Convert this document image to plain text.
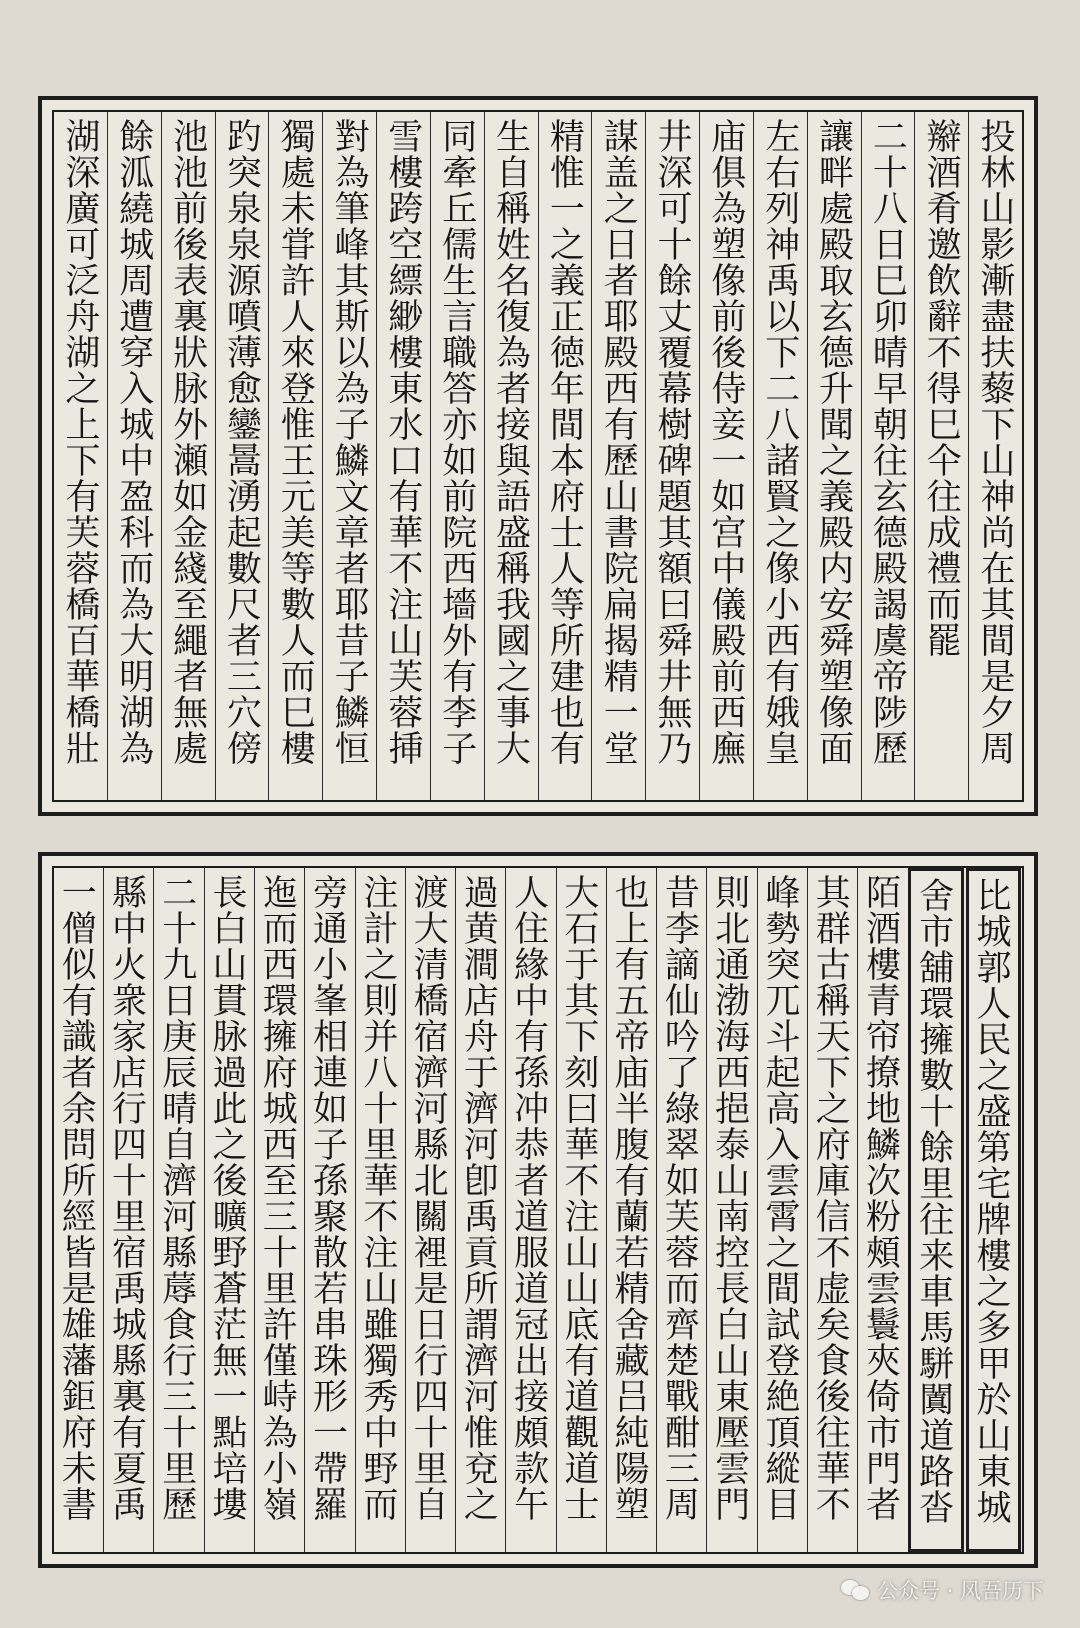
投林山影漸盡扶藜下山神尚在其間是夕周
辮酒肴邀飲辭不得巳仐往成禮而罷
二十八日巳卯晴早朝往玄德殿謁虞帝陟歷
讓畔處殿取玄德升聞之義殿内安舜塑像面
左右列神禹以下二八諸賢之像小西有娥皇
庙俱為塑像前後侍妾一如宫中儀殿前西廡
井深可十餘丈覆幕樹碑題其額曰舜井無乃
謀盖之日者耶殿西有歷山書院扁揭精一堂
精惟一之義正徳年間本府士人等所建也有
生自稱姓名復為者接與語盛稱我國之事大
同牽丘儒生言職答亦如前院西墻外有李子
雪樓跨空縹緲樓東水口有華不注山芙蓉挿
對為筆峰其斯以為子鱗文章者耶昔子鱗恒
獨處未甞許人來登惟王元美等數人而巳樓
趵突泉泉源噴薄愈鑾暠湧起數尺者三穴傍
池池前後表裏狀脉外瀬如金綫至繩者無處
餘泒繞城周遭穿入城中盈科而為大明湖為
湖深廣可泛舟湖之上下有芙蓉橋百華橋壯
比城郭人民之盛第宅牌樓之多甲於山東城
舍市舖環擁數十餘里往来車馬駢闐道路沓
陌酒樓青帘撩地鱗次粉頰雲鬟夾倚市門者
其群古稱天下之府庫信不虚矣食後往華不
峰勢突兀斗起高入雲霄之間試登絶頂縱目
則北通渤海西挹泰山南控長白山東壓雲門
昔李謫仙吟了綠翠如芙蓉而齊楚戰酣三周
也上有五帝庙半腹有蘭若精舍藏吕純陽塑
大石于其下刻曰華不注山山底有道觀道士
人住緣中有孫冲恭者道服道冠出接頗款午
過黄澗店舟于濟河卽禹貢所謂濟河惟兗之
渡大清橋宿濟河縣北關裡是日行四十里自
注計之則并八十里華不注山雖獨秀中野而
旁通小峯相連如子孫聚散若串珠形一帶羅
迤而西環擁府城西至三十里許僅峙為小嶺
長白山貫脉過此之後曠野蒼茫無一點培塿
二十九日庚辰晴自濟河縣蓐食行三十里歷
縣中火衆家店行四十里宿禹城縣裏有夏禹
一僧似有識者余問所經皆是雄藩鉅府未書
公众号 · 风吾历下
